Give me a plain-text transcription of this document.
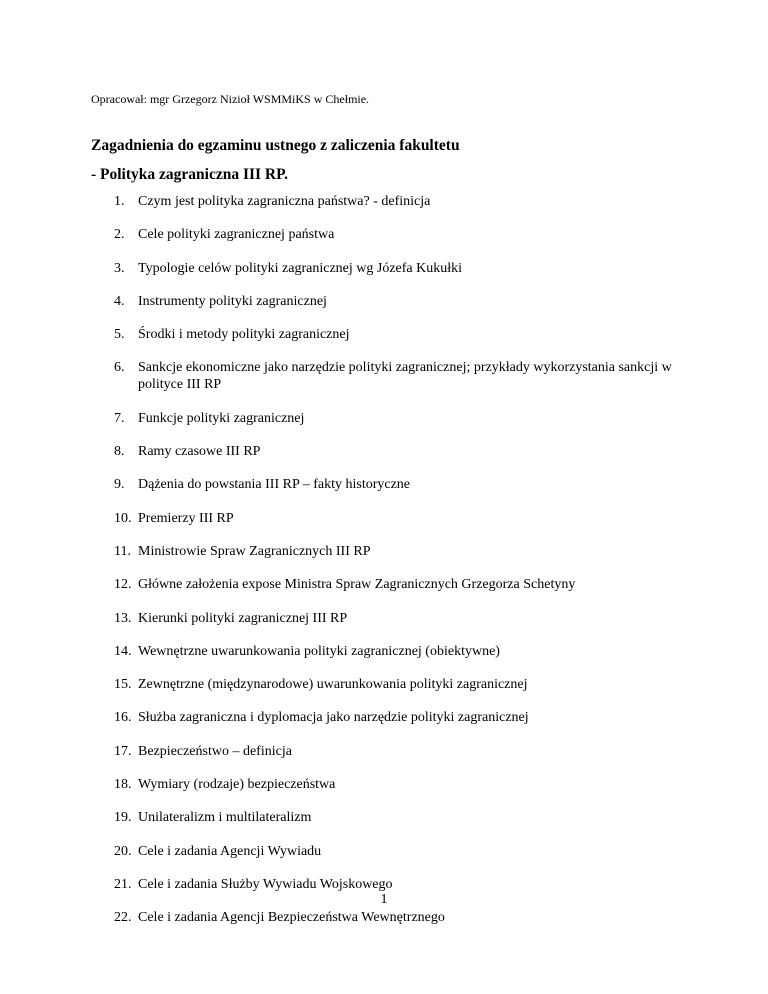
Opracował: mgr Grzegorz Nizioł WSMMiKS w Chełmie.
Zagadnienia do egzaminu ustnego z zaliczenia fakultetu
- Polityka zagraniczna III RP.
1. Czym jest polityka zagraniczna państwa? - definicja
2. Cele polityki zagranicznej państwa
3. Typologie celów polityki zagranicznej wg Józefa Kukułki
4. Instrumenty polityki zagranicznej
5. Środki i metody polityki zagranicznej
6. Sankcje ekonomiczne jako narzędzie polityki zagranicznej; przykłady wykorzystania sankcji w polityce III RP
7. Funkcje polityki zagranicznej
8. Ramy czasowe III RP
9. Dążenia do powstania III RP – fakty historyczne
10. Premierzy III RP
11. Ministrowie Spraw Zagranicznych III RP
12. Główne założenia expose Ministra Spraw Zagranicznych Grzegorza Schetyny
13. Kierunki polityki zagranicznej III RP
14. Wewnętrzne uwarunkowania polityki zagranicznej (obiektywne)
15. Zewnętrzne (międzynarodowe) uwarunkowania polityki zagranicznej
16. Służba zagraniczna i dyplomacja jako narzędzie polityki zagranicznej
17. Bezpieczeństwo – definicja
18. Wymiary (rodzaje) bezpieczeństwa
19. Unilateralizm i multilateralizm
20. Cele i zadania Agencji Wywiadu
21. Cele i zadania Służby Wywiadu Wojskowego
22. Cele i zadania Agencji Bezpieczeństwa Wewnętrznego
1
